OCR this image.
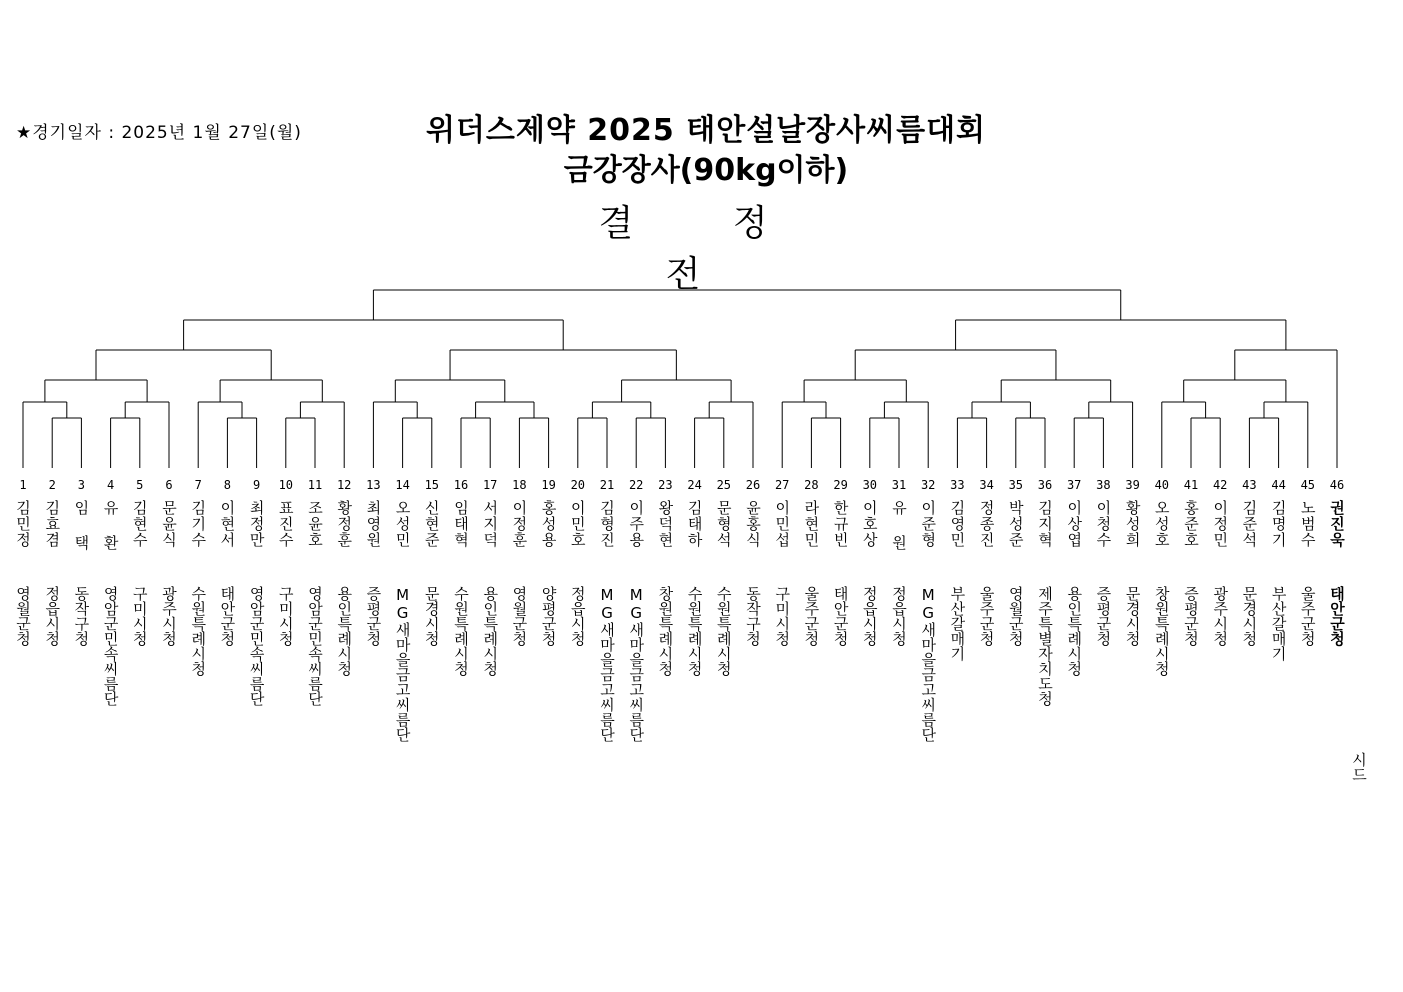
★경기일자 : 2025년 1월 27일(월)	위더스제약 2025 태안설날장사씨름대회
금강장사(90kg이하)
결 정 전
1
김민정
영월군청
2
김효겸
정읍시청
3
임 택
동작구청
4
유 환
영암군민속씨름단
5
김현수
구미시청
6
문윤식
광주시청
7
김기수
수원특례시청
8
이현서
태안군청
9
최정만
영암군민속씨름단
10
표진수
구미시청
11
조윤호
영암군민속씨름단
12
황정훈
용인특례시청
13
최영원
증평군청
14
오성민
MG새마을금고씨름단
15
신현준
문경시청
16
임태혁
수원특례시청
17
서지덕
용인특례시청
18
이정훈
영월군청
19
홍성용
양평군청
20
이민호
정읍시청
21
김형진
MG새마을금고씨름단
22
이주용
MG새마을금고씨름단
23
왕덕현
창원특례시청
24
김태하
수원특례시청
25
문형석
수원특례시청
26
윤홍식
동작구청
27
이민섭
구미시청
28
라현민
울주군청
29
한규빈
태안군청
30
이호상
정읍시청
31
유 원
정읍시청
32
이준형
MG새마을금고씨름단
33
김영민
부산갈매기
34
정종진
울주군청
35
박성준
영월군청
36
김지혁
제주특별자치도청
37
이상엽
용인특례시청
38
이청수
증평군청
39
황성희
문경시청
40
오성호
창원특례시청
41
홍준호
증평군청
42
이정민
광주시청
43
김준석
문경시청
44
김명기
부산갈매기
45
노범수
울주군청
46
권진욱
태안군청
시드
